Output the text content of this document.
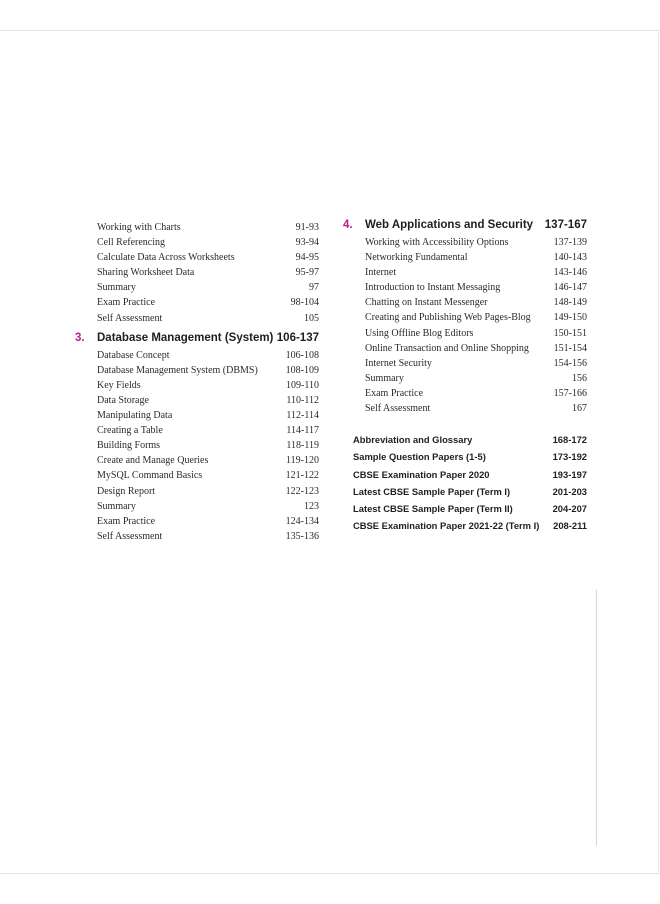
Working with Charts	91-93
Cell Referencing	93-94
Calculate Data Across Worksheets	94-95
Sharing Worksheet Data	95-97
Summary	97
Exam Practice	98-104
Self Assessment	105
3.	Database Management (System) 106-137
Database Concept	106-108
Database Management System (DBMS)	108-109
Key Fields	109-110
Data Storage	110-112
Manipulating Data	112-114
Creating a Table	114-117
Building Forms	118-119
Create and Manage Queries	119-120
MySQL Command Basics	121-122
Design Report	122-123
Summary	123
Exam Practice	124-134
Self Assessment	135-136
4.	Web Applications and Security	137-167
Working with Accessibility Options	137-139
Networking Fundamental	140-143
Internet	143-146
Introduction to Instant Messaging	146-147
Chatting on Instant Messenger	148-149
Creating and Publishing Web Pages-Blog 149-150
Using Offline Blog Editors	150-151
Online Transaction and Online Shopping 151-154
Internet Security	154-156
Summary	156
Exam Practice	157-166
Self Assessment	167
Abbreviation and Glossary	168-172
Sample Question Papers (1-5)	173-192
CBSE Examination Paper 2020	193-197
Latest CBSE Sample Paper (Term I)	201-203
Latest CBSE Sample Paper (Term II)	204-207
CBSE Examination Paper 2021-22 (Term I) 208-211
